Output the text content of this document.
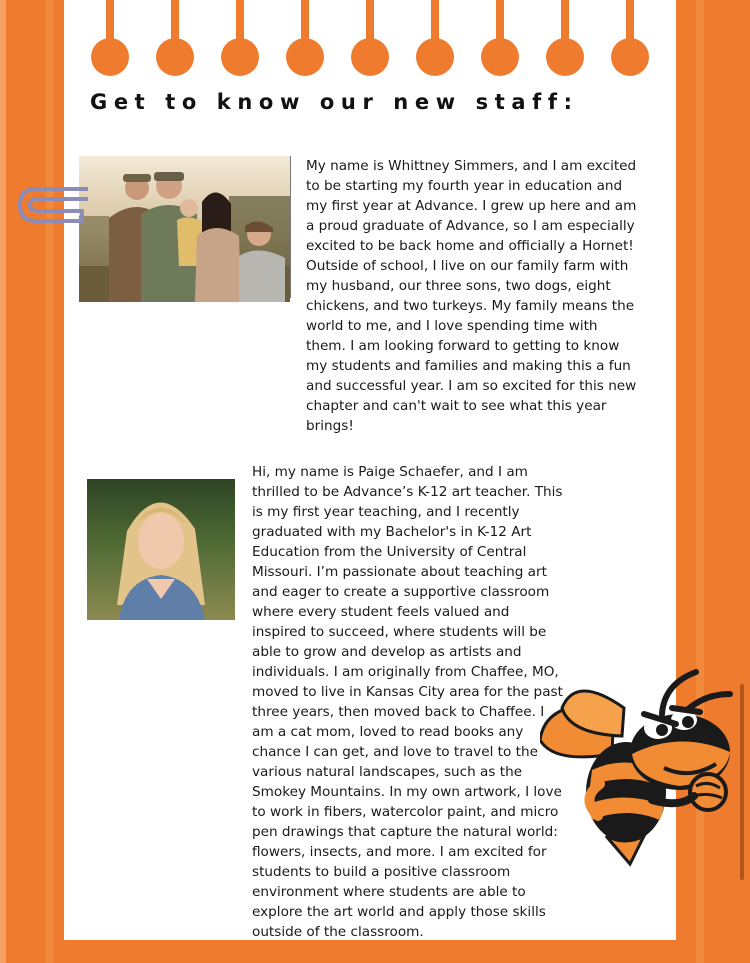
Get to know our new staff:

My name is Whittney Simmers, and I am excited
to be starting my fourth year in education and
my first year at Advance. I grew up here and am
a proud graduate of Advance, so I am especially
excited to be back home and officially a Hornet!
Outside of school, I live on our family farm with
my husband, our three sons, two dogs, eight
chickens, and two turkeys. My family means the
world to me, and I love spending time with
them. I am looking forward to getting to know
my students and families and making this a fun
and successful year. I am so excited for this new
chapter and can't wait to see what this year
brings!

Hi, my name is Paige Schaefer, and I am
thrilled to be Advance’s K-12 art teacher. This
is my first year teaching, and I recently
graduated with my Bachelor's in K-12 Art
Education from the University of Central
Missouri. I’m passionate about teaching art
and eager to create a supportive classroom
where every student feels valued and
inspired to succeed, where students will be
able to grow and develop as artists and
individuals. I am originally from Chaffee, MO,
moved to live in Kansas City area for the past
three years, then moved back to Chaffee. I
am a cat mom, loved to read books any
chance I can get, and love to travel to the
various natural landscapes, such as the
Smokey Mountains. In my own artwork, I love
to work in fibers, watercolor paint, and micro
pen drawings that capture the natural world:
flowers, insects, and more. I am excited for
students to build a positive classroom
environment where students are able to
explore the art world and apply those skills
outside of the classroom.
